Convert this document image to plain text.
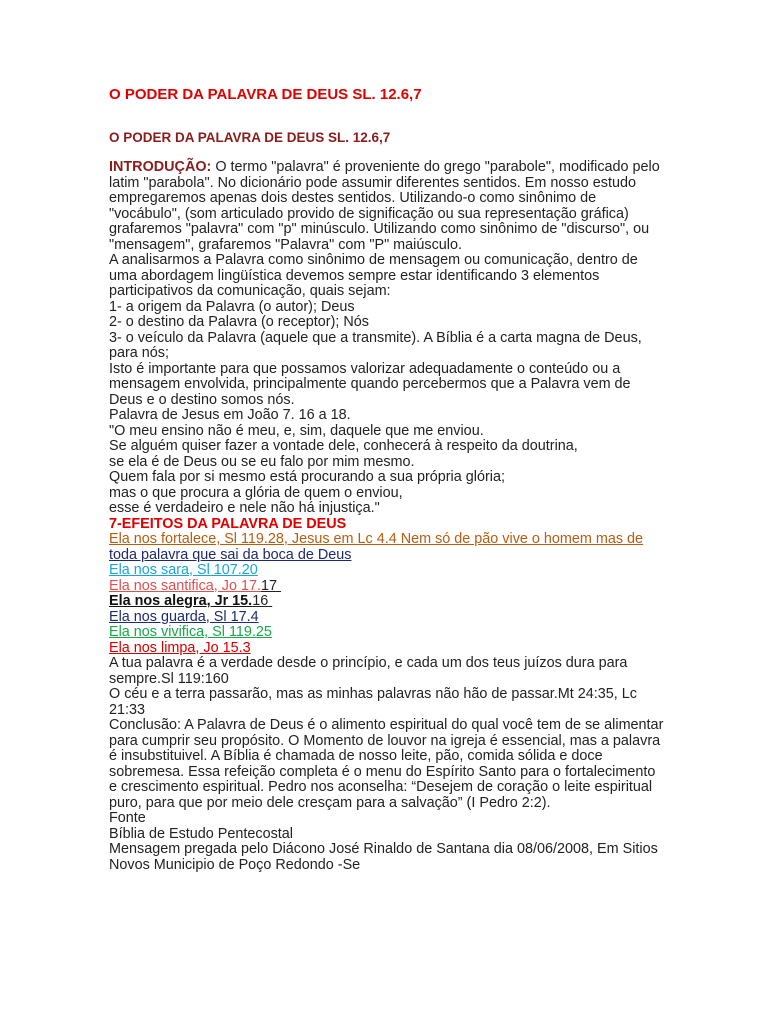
O PODER DA PALAVRA DE DEUS SL. 12.6,7
O PODER DA PALAVRA DE DEUS SL. 12.6,7
INTRODUÇÃO: O termo "palavra" é proveniente do grego "parabole", modificado pelo
latim "parabola". No dicionário pode assumir diferentes sentidos. Em nosso estudo
empregaremos apenas dois destes sentidos. Utilizando-o como sinônimo de
"vocábulo", (som articulado provido de significação ou sua representação gráfica)
grafaremos "palavra" com "p" minúsculo. Utilizando como sinônimo de "discurso", ou
"mensagem", grafaremos "Palavra" com "P" maiúsculo.
A analisarmos a Palavra como sinônimo de mensagem ou comunicação, dentro de
uma abordagem lingüística devemos sempre estar identificando 3 elementos
participativos da comunicação, quais sejam:
1- a origem da Palavra (o autor); Deus
2- o destino da Palavra (o receptor); Nós
3- o veículo da Palavra (aquele que a transmite). A Bíblia é a carta magna de Deus,
para nós;
Isto é importante para que possamos valorizar adequadamente o conteúdo ou a
mensagem envolvida, principalmente quando percebermos que a Palavra vem de
Deus e o destino somos nós.
Palavra de Jesus em João 7. 16 a 18.
"O meu ensino não é meu, e, sim, daquele que me enviou.
Se alguém quiser fazer a vontade dele, conhecerá à respeito da doutrina,
se ela é de Deus ou se eu falo por mim mesmo.
Quem fala por si mesmo está procurando a sua própria glória;
mas o que procura a glória de quem o enviou,
esse é verdadeiro e nele não há injustiça."
7-EFEITOS DA PALAVRA DE DEUS
Ela nos fortalece, Sl 119.28, Jesus em Lc 4.4 Nem só de pão vive o homem mas de
toda palavra que sai da boca de Deus
Ela nos sara, Sl 107.20
Ela nos santifica, Jo 17.17
Ela nos alegra, Jr 15.16
Ela nos guarda, Sl 17.4
Ela nos vivifica, Sl 119.25
Ela nos limpa, Jo 15.3
A tua palavra é a verdade desde o princípio, e cada um dos teus juízos dura para
sempre.Sl 119:160
O céu e a terra passarão, mas as minhas palavras não hão de passar.Mt 24:35, Lc
21:33
Conclusão: A Palavra de Deus é o alimento espiritual do qual você tem de se alimentar
para cumprir seu propósito. O Momento de louvor na igreja é essencial, mas a palavra
é insubstituivel. A Bíblia é chamada de nosso leite, pão, comida sólida e doce
sobremesa. Essa refeição completa é o menu do Espírito Santo para o fortalecimento
e crescimento espiritual. Pedro nos aconselha: “Desejem de coração o leite espiritual
puro, para que por meio dele cresçam para a salvação” (I Pedro 2:2).
Fonte
Bíblia de Estudo Pentecostal
Mensagem pregada pelo Diácono José Rinaldo de Santana dia 08/06/2008, Em Sitios
Novos Municipio de Poço Redondo -Se
